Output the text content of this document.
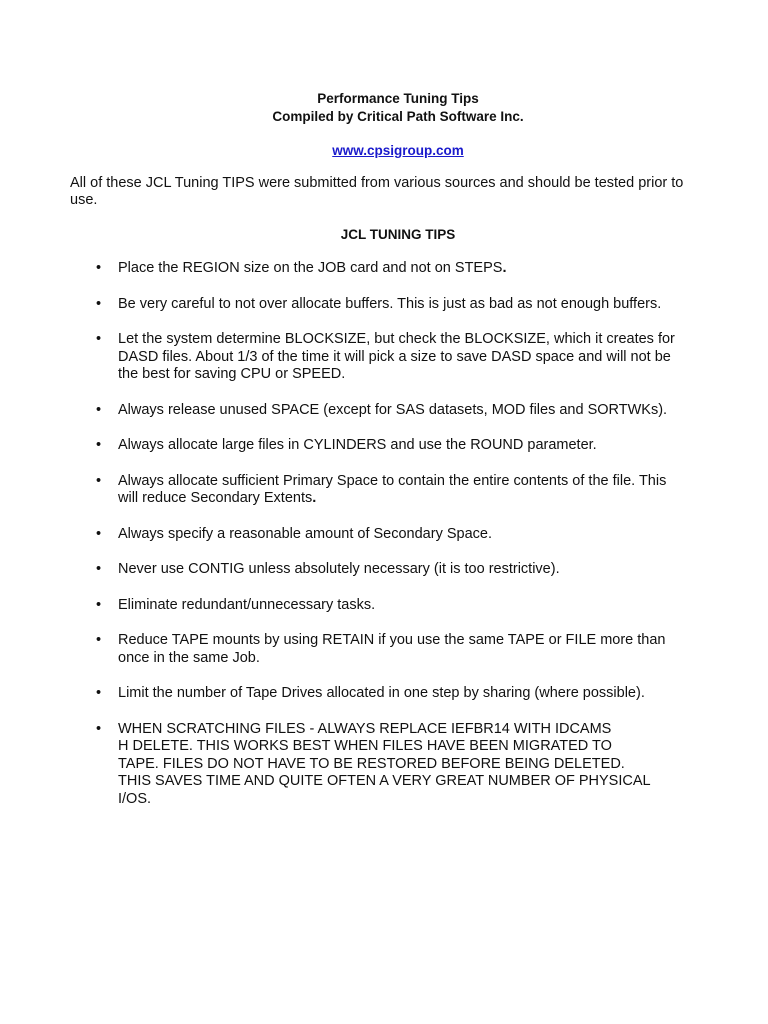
Performance Tuning Tips
Compiled by Critical Path Software Inc.
www.cpsigroup.com
All of these JCL Tuning TIPS were submitted from various sources and should be tested prior to use.
JCL TUNING TIPS
• Place the REGION size on the JOB card and not on STEPS.
• Be very careful to not over allocate buffers. This is just as bad as not enough buffers.
• Let the system determine BLOCKSIZE, but check the BLOCKSIZE, which it creates for DASD files. About 1/3 of the time it will pick a size to save DASD space and will not be the best for saving CPU or SPEED.
• Always release unused SPACE (except for SAS datasets, MOD files and SORTWKs).
• Always allocate large files in CYLINDERS and use the ROUND parameter.
• Always allocate sufficient Primary Space to contain the entire contents of the file. This will reduce Secondary Extents.
• Always specify a reasonable amount of Secondary Space.
• Never use CONTIG unless absolutely necessary (it is too restrictive).
• Eliminate redundant/unnecessary tasks.
• Reduce TAPE mounts by using RETAIN if you use the same TAPE or FILE more than once in the same Job.
• Limit the number of Tape Drives allocated in one step by sharing (where possible).
• WHEN SCRATCHING FILES - ALWAYS REPLACE IEFBR14 WITH IDCAMS
H DELETE. THIS WORKS BEST WHEN FILES HAVE BEEN MIGRATED TO
TAPE. FILES DO NOT HAVE TO BE RESTORED BEFORE BEING DELETED.
THIS SAVES TIME AND QUITE OFTEN A VERY GREAT NUMBER OF PHYSICAL
I/OS.
